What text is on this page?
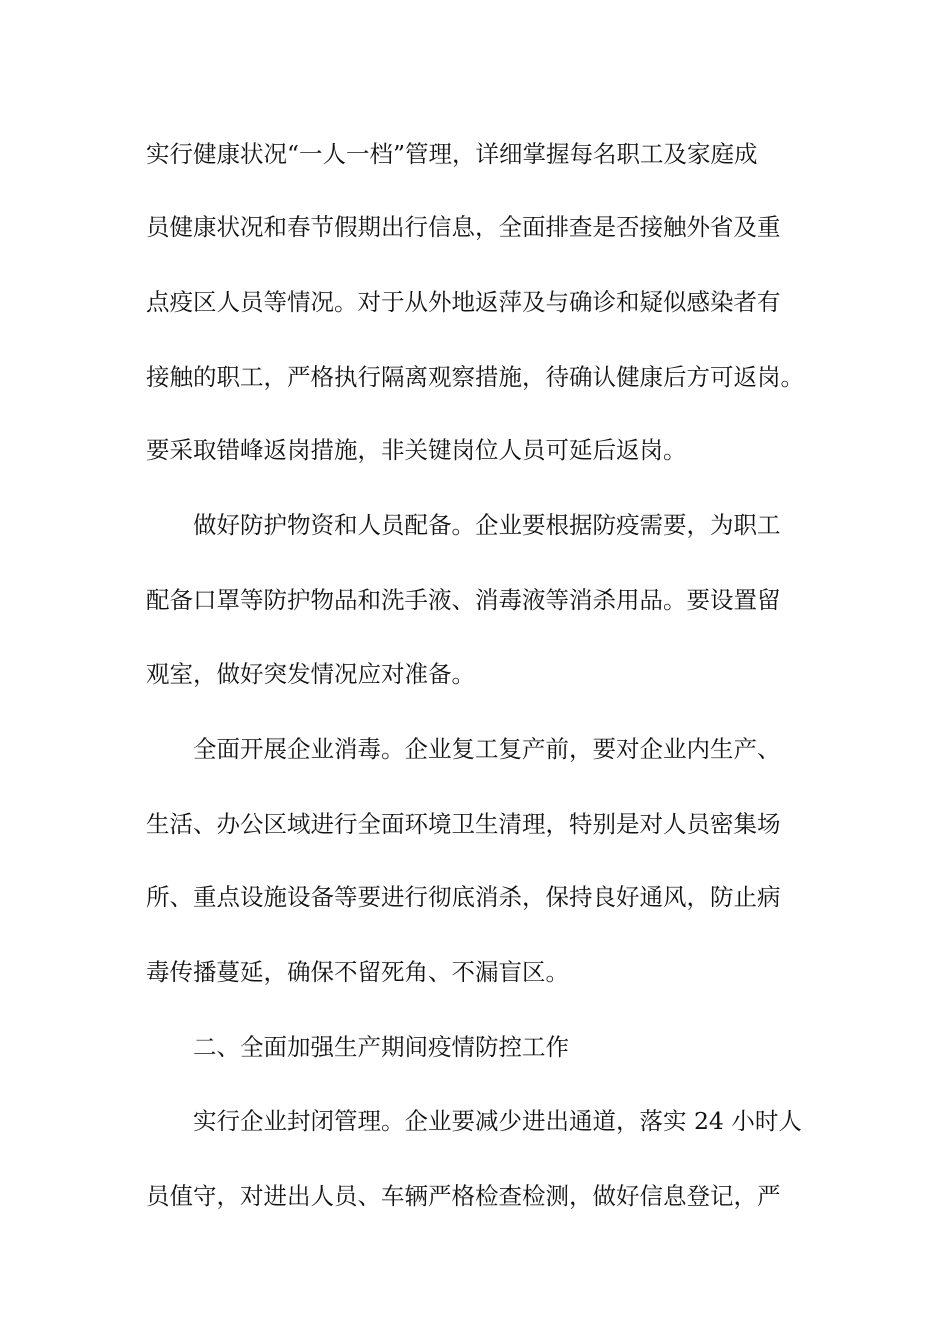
实行健康状况“一人一档”管理，详细掌握每名职工及家庭成
员健康状况和春节假期出行信息，全面排查是否接触外省及重
点疫区人员等情况。对于从外地返萍及与确诊和疑似感染者有
接触的职工，严格执行隔离观察措施，待确认健康后方可返岗。
要采取错峰返岗措施，非关键岗位人员可延后返岗。
做好防护物资和人员配备。企业要根据防疫需要，为职工
配备口罩等防护物品和洗手液、消毒液等消杀用品。要设置留
观室，做好突发情况应对准备。
全面开展企业消毒。企业复工复产前，要对企业内生产、
生活、办公区域进行全面环境卫生清理，特别是对人员密集场
所、重点设施设备等要进行彻底消杀，保持良好通风，防止病
毒传播蔓延，确保不留死角、不漏盲区。
二、全面加强生产期间疫情防控工作
实行企业封闭管理。企业要减少进出通道，落实 24 小时人
员值守，对进出人员、车辆严格检查检测，做好信息登记，严
